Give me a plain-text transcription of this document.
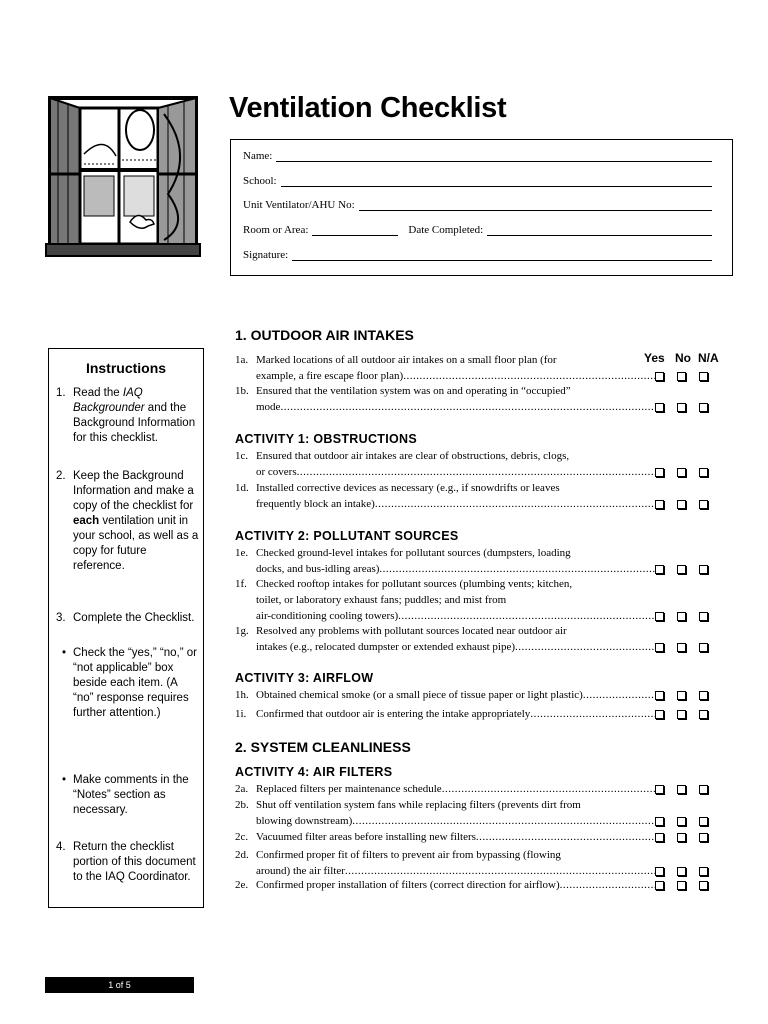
Ventilation Checklist
Name:
School:
Unit Ventilator/AHU No:
Room or Area:	Date Completed:
Signature:
Instructions
1. Read the IAQ Backgrounder and the Background Information for this checklist.
2. Keep the Background Information and make a copy of the checklist for each ventilation unit in your school, as well as a copy for future reference.
3. Complete the Checklist.
• Check the “yes,” “no,” or “not applicable” box beside each item. (A “no” response requires further attention.)
• Make comments in the “Notes” section as necessary.
4. Return the checklist portion of this document to the IAQ Coordinator.
1. OUTDOOR AIR INTAKES
Yes No N/A
ACTIVITY 1: OBSTRUCTIONS
ACTIVITY 2: POLLUTANT SOURCES
ACTIVITY 3: AIRFLOW
2. SYSTEM CLEANLINESS
ACTIVITY 4: AIR FILTERS
1a. Marked locations of all outdoor air intakes on a small floor plan (for
example, a fire escape floor plan)
.....
1b. Ensured that the ventilation system was on and operating in “occupied”
mode
.....
1c. Ensured that outdoor air intakes are clear of obstructions, debris, clogs,
or covers
.....
1d. Installed corrective devices as necessary (e.g., if snowdrifts or leaves
frequently block an intake)
.....
1e. Checked ground-level intakes for pollutant sources (dumpsters, loading
docks, and bus-idling areas)
.....
1f. Checked rooftop intakes for pollutant sources (plumbing vents; kitchen,
toilet, or laboratory exhaust fans; puddles; and mist from
air-conditioning cooling towers)
.....
1g. Resolved any problems with pollutant sources located near outdoor air
intakes (e.g., relocated dumpster or extended exhaust pipe)
.....
1h. Obtained chemical smoke (or a small piece of tissue paper or light plastic)
.....
1i. Confirmed that outdoor air is entering the intake appropriately
.....
2a. Replaced filters per maintenance schedule
.....
2b. Shut off ventilation system fans while replacing filters (prevents dirt from
blowing downstream)
.....
2c. Vacuumed filter areas before installing new filters
.....
2d. Confirmed proper fit of filters to prevent air from bypassing (flowing
around) the air filter
.....
2e. Confirmed proper installation of filters (correct direction for airflow)
.....
1 of 5
